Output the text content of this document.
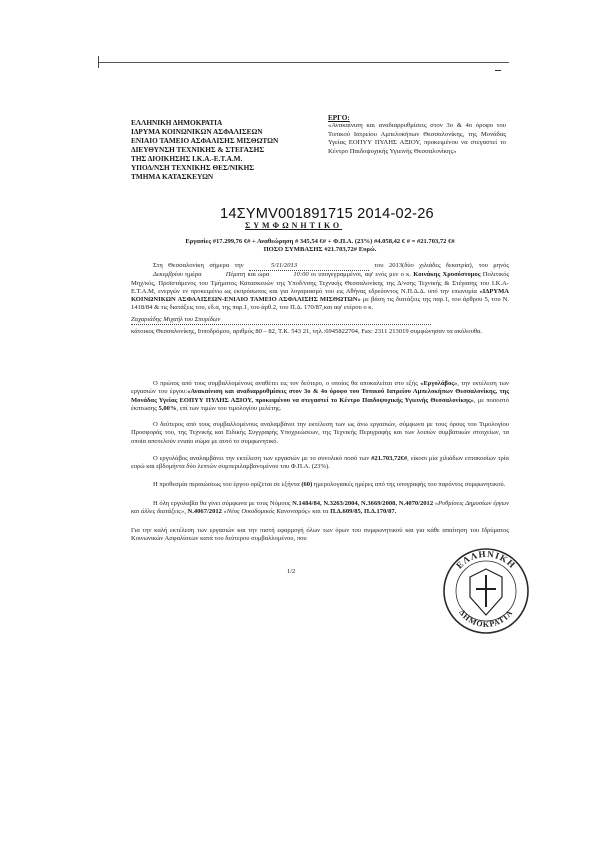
ΕΛΛΗΝΙΚΗ ΔΗΜΟΚΡΑΤΙΑ
ΙΔΡΥΜΑ ΚΟΙΝΩΝΙΚΩΝ ΑΣΦΑΛΙΣΕΩΝ
ΕΝΙΑΙΟ ΤΑΜΕΙΟ ΑΣΦΑΛΙΣΗΣ ΜΙΣΘΩΤΩΝ
ΔΙΕΥΘΥΝΣΗ ΤΕΧΝΙΚΗΣ & ΣΤΕΓΑΣΗΣ
ΤΗΣ ΔΙΟΙΚΗΣΗΣ Ι.Κ.Α.-Ε.Τ.Α.Μ.
ΥΠΟΔ/ΝΣΗ ΤΕΧΝΙΚΗΣ ΘΕΣ/ΝΙΚΗΣ
ΤΜΗΜΑ ΚΑΤΑΣΚΕΥΩΝ
ΕΡΓΟ:
«Ανακαίνιση και αναδιαρρυθμίσεις στον 3ο & 4ο όροφο του Τοπικού Ιατρείου Αμπελοκήπων Θεσσαλονίκης, της Μονάδας Υγείας ΕΟΠΥΥ ΠΥΛΗΣ ΑΞΙΟΥ, προκειμένου να στεγαστεί το Κέντρο Παιδοψυχικής Υγιεινής Θεσσαλονίκης»
14ΣΥΜV001891715 2014-02-26
ΣΥΜΦΩΝΗΤΙΚΟ
Εργασίες #17.299,76 €# + Αναθεώρηση # 345,54 €# + Φ.Π.Α. (23%) #4.058,42 € # = #21.703,72 €#
ΠΟΣΟ ΣΥΜΒΑΣΗΣ #21.703,72# Ευρώ.
Στη Θεσσαλονίκη σήμερα την	5/11/2013	του 2013(δύο χιλιάδες δεκατρία), του μηνός Δεκεμβρίου ημέρα	Πέμπτη και ώρα	10:00 οι υπογεγραμμένοι, αφ' ενός μεν ο κ. Κοινάκης Χρυσόστομος Πολιτικός Μηχ/κός, Προϊστάμενος του Τμήματος Κατασκευών της Υποδ/νσης Τεχνικής Θεσσαλονίκης της Δ/νσης Τεχνικής & Στέγασης του Ι.Κ.Α-Ε.Τ.Α.Μ, ενεργών εν προκειμένω ως εκπρόσωπος και για λογαριασμό του εις Αθήνας εδρεύοντος Ν.Π.Δ.Δ. υπό την επωνυμία «ΙΔΡΥΜΑ ΚΟΙΝΩΝΙΚΩΝ ΑΣΦΑΛΙΣΕΩΝ-ΕΝΙΑΙΟ ΤΑΜΕΙΟ ΑΣΦΑΛΙΣΗΣ ΜΙΣΘΩΤΩΝ» με βάση τις διατάξεις της παρ.1, του άρθρου 5, του Ν. 1418/84 & τις διατάξεις του, εδ.α, της παρ.1, του άρθ.2, του Π.Δ. 170/87,και αφ' ετέρου ο κ.
Ζαχαριάδης Μιχαήλ του Σπυρίδων
κάτοικος Θεσσαλονίκης, Ιπποδρόμου, αριθμός 80 – 82, Τ.Κ. 543 21, τηλ.:6945822704, Fax: 2311 213019 συμφώνησαν τα ακόλουθα.
Ο πρώτος από τους συμβαλλομένους αναθέτει εις τον δεύτερο, ο οποίος θα αποκαλείται στο εξής «Εργολάβος», την εκτέλεση των εργασιών του έργου:«Ανακαίνιση και αναδιαρρυθμίσεις στον 3ο & 4ο όροφο του Τοπικού Ιατρείου Αμπελοκήπων Θεσσαλονίκης, της Μονάδας Υγείας ΕΟΠΥΥ ΠΥΛΗΣ ΑΞΙΟΥ, προκειμένου να στεγαστεί το Κέντρο Παιδοψυχικής Υγιεινής Θεσσαλονίκης», με ποσοστό έκπτωσης 5,00%, επί των τιμών του τιμολογίου μελέτης.
Ο δεύτερος από τους συμβαλλομένους αναλαμβάνει την εκτέλεση των ως άνω εργασιών, σύμφωνα με τους όρους του Τιμολογίου Προσφοράς του, της Τεχνικής και Ειδικής Συγγραφής Υποχρεώσεων, της Τεχνικής Περιγραφής και των λοιπών συμβατικών στοιχείων, τα οποία αποτελούν ενιαίο σώμα με αυτό το συμφωνητικό.
Ο εργολάβος αναλαμβάνει την εκτέλεση των εργασιών με το συνολικό ποσό των #21.703,72€#, είκοσι μία χιλιάδων επτακοσίων τρία ευρώ και εβδομήντα δύο λεπτών συμπεριλαμβανομένου του Φ.Π.Α. (23%).
Η προθεσμία περαιώσεως του έργου ορίζεται σε εξήντα (60) ημερολογιακές ημέρες από της υπογραφής του παρόντος συμφωνητικού.
Η όλη εργολαβία θα γίνει σύμφωνα με τους Νόμους Ν.1484/84, Ν.3263/2004, Ν.3669/2008, Ν.4070/2012 «Ρυθμίσεις Δημοσίων έργων και άλλες διατάξεις», Ν.4067/2012 «Νέος Οικοδομικός Κανονισμός» και τα Π.Δ.609/85, Π.Δ.170/87.
Για την καλή εκτέλεση των εργασιών και την πιστή εφαρμογή όλων των όρων του συμφωνητικού και για κάθε απαίτηση του Ιδρύματος Κοινωνικών Ασφαλίσεων κατά του δεύτερου συμβαλλομένου, που
1/2
ΕΛΛΗΝΙΚΗ
ΔΗΜΟΚΡΑΤΙΑ
